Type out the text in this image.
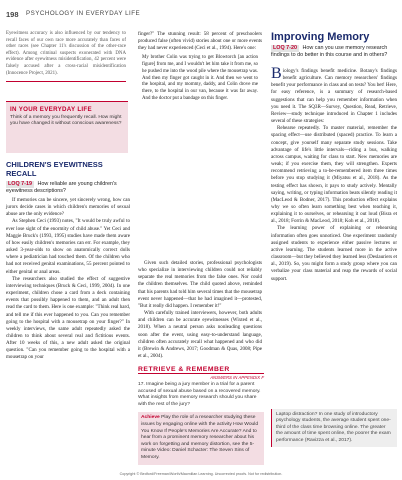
198 PSYCHOLOGY IN EVERYDAY LIFE
Eyewitness accuracy is also influenced by our tendency to recall faces of our own race more accurately than faces of other races (see Chapter 11's discussion of the other-race effect). Among criminal suspects exonerated with DNA evidence after eyewitness misidentification, 42 percent were falsely accused after a cross-racial misidentification (Innocence Project, 2021).
IN YOUR EVERYDAY LIFE
Think of a memory you frequently recall. How might you have changed it without conscious awareness?
CHILDREN'S EYEWITNESS RECALL
LOQ 7-19 How reliable are young children's eyewitness descriptions?

If memories can be sincere, yet sincerely wrong, how can jurors decide cases in which children's memories of sexual abuse are the only evidence?

As Stephen Ceci (1993) notes, "It would be truly awful to ever lose sight of the enormity of child abuse." Yet Ceci and Maggie Bruck's (1993, 1995) studies have made them aware of how easily children's memories can err. For example, they asked 3-year-olds to show on anatomically correct dolls where a pediatrician had touched them. Of the children who had not received genital examinations, 55 percent pointed to either genital or anal areas.

The researchers also studied the effect of suggestive interviewing techniques (Bruck & Ceci, 1999, 2004). In one experiment, children chose a card from a deck containing events that possibly happened to them, and an adult then read the card to them. Here is one example: "Think real hard, and tell me if this ever happened to you. Can you remember going to the hospital with a mousetrap on your finger?" In weekly interviews, the same adult repeatedly asked the children to think about several real and fictitious events. After 10 weeks of this, a new adult asked the original question. "Can you remember going to the hospital with a mousetrap on your

finger?" The stunning result: 58 percent of preschoolers produced false (often vivid) stories about one or more events they had never experienced (Ceci et al., 1994). Here's one:

My brother Colin was trying to get Blowtorch [an action figure] from me, and I wouldn't let him take it from me, so he pushed me into the wood pile where the mousetrap was. And then my finger got caught in it. And then we went to the hospital, and my mommy, daddy, and Colin drove me there, to the hospital in our van, because it was far away. And the doctor put a bandage on this finger.

Given such detailed stories, professional psychologists who specialize in interviewing children could not reliably separate the real memories from the false ones. Nor could the children themselves. The child quoted above, reminded that his parents had told him several times that the mousetrap event never happened—that he had imagined it—protested, "But it really did happen. I remember it!"

With carefully trained interviewers, however, both adults and children can be accurate eyewitnesses (Wixted et al., 2018). When a neutral person asks nonleading questions soon after the event, using easy-to-understand language, children often accurately recall what happened and who did it (Brewin & Andrews, 2017; Goodman & Quas, 2008; Pipe et al., 2004).

RETRIEVE & REMEMBER
ANSWERS IN APPENDIX F
17. Imagine being a jury member in a trial for a parent accused of sexual abuse based on a recovered memory. What insights from memory research should you share with the rest of the jury?
Achieve Play the role of a researcher studying these issues by engaging online with the activity How Would You Know If People's Memories Are Accurate? And to hear from a prominent memory researcher about his work on forgetting and memory distortion, see the 5-minute Video: Daniel Schacter: The Seven Sins of Memory.
Improving Memory
LOQ 7-20 How can you use memory research findings to do better in this course and in others?

Biology's findings benefit medicine. Botany's findings benefit agriculture. Can memory researchers' findings benefit your performance in class and on tests? You bet! Here, for easy reference, is a summary of research-based suggestions that can help you remember information when you need it. The SQ3R—Survey, Question, Read, Retrieve, Review—study technique introduced in Chapter 1 includes several of these strategies:

Rehearse repeatedly. To master material, remember the spacing effect—use distributed (spaced) practice. To learn a concept, give yourself many separate study sessions. Take advantage of life's little intervals—riding a bus, walking across campus, waiting for class to start. New memories are weak; if you exercise them, they will strengthen. Experts recommend retrieving a to-be-remembered item three times before you stop studying it (Miyatsu et al., 2018). As the testing effect has shown, it pays to study actively. Mentally saying, writing, or typing information beats silently reading it (MacLeod & Bodner, 2017). This production effect explains why we so often learn something best when teaching it, explaining it to ourselves, or rehearsing it out loud (Bisra et al., 2018; Forrin & MacLeod, 2018; Koh et al., 2018).

The learning power of explaining or rehearsing information often goes unnoticed. One experiment randomly assigned students to experience either passive lectures or active learning. The students learned more in the active classroom—but they believed they learned less (Deslauriers et al., 2019). So, you might form a study group where you can verbalize your class material and reap the rewards of social support.

Laptop distraction? In one study of introductory psychology students, the average student spent one-third of the class time browsing online. The greater the amount of time spent online, the poorer the exam performance (Ravizza et al., 2017).
Copyright © Bedford/Freeman/Worth/Macmillan Learning. Uncorrected proofs. Not for redistribution.
